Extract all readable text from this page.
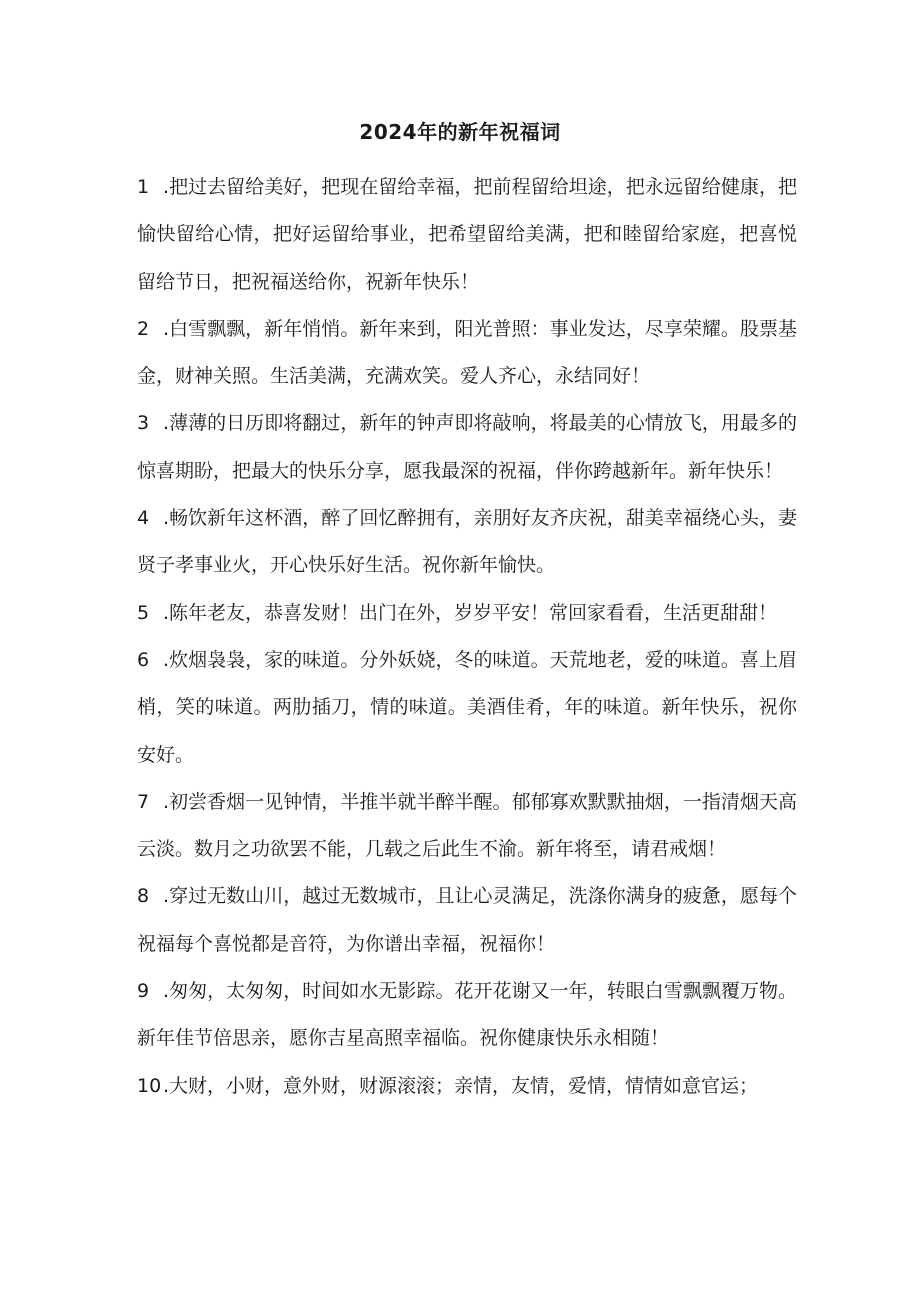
2024年的新年祝福词

1 .把过去留给美好，把现在留给幸福，把前程留给坦途，把永远留给健康，把愉快留给心情，把好运留给事业，把希望留给美满，把和睦留给家庭，把喜悦留给节日，把祝福送给你，祝新年快乐！

2 .白雪飘飘，新年悄悄。新年来到，阳光普照：事业发达，尽享荣耀。股票基金，财神关照。生活美满，充满欢笑。爱人齐心，永结同好！

3 .薄薄的日历即将翻过，新年的钟声即将敲响，将最美的心情放飞，用最多的惊喜期盼，把最大的快乐分享，愿我最深的祝福，伴你跨越新年。新年快乐！

4 .畅饮新年这杯酒，醉了回忆醉拥有，亲朋好友齐庆祝，甜美幸福绕心头，妻贤子孝事业火，开心快乐好生活。祝你新年愉快。

5 .陈年老友，恭喜发财！出门在外，岁岁平安！常回家看看，生活更甜甜！

6 .炊烟袅袅，家的味道。分外妖娆，冬的味道。天荒地老，爱的味道。喜上眉梢，笑的味道。两肋插刀，情的味道。美酒佳肴，年的味道。新年快乐，祝你安好。

7 .初尝香烟一见钟情，半推半就半醉半醒。郁郁寡欢默默抽烟，一指清烟天高云淡。数月之功欲罢不能，几载之后此生不渝。新年将至，请君戒烟！

8 .穿过无数山川，越过无数城市，且让心灵满足，洗涤你满身的疲惫，愿每个祝福每个喜悦都是音符，为你谱出幸福，祝福你！

9 .匆匆，太匆匆，时间如水无影踪。花开花谢又一年，转眼白雪飘飘覆万物。新年佳节倍思亲，愿你吉星高照幸福临。祝你健康快乐永相随！

10.大财，小财，意外财，财源滚滚；亲情，友情，爱情，情情如意官运；
